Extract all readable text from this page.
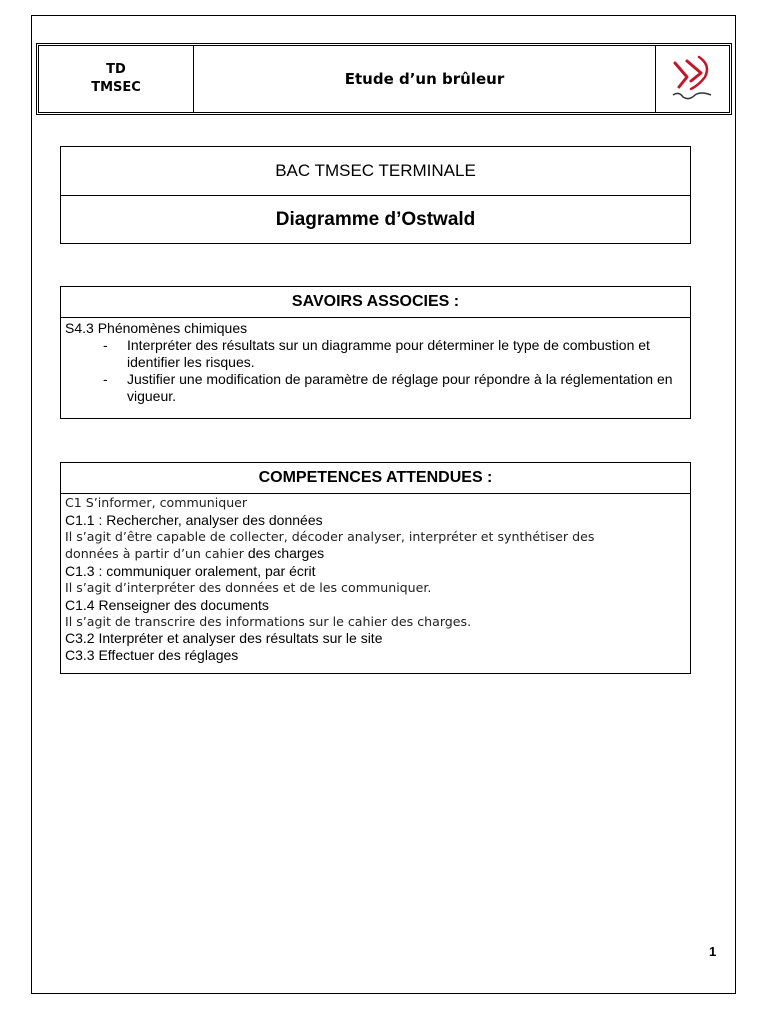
TD
TMSEC	Etude d’un brûleur
BAC TMSEC TERMINALE
Diagramme d’Ostwald
SAVOIRS ASSOCIES :
S4.3 Phénomènes chimiques
- Interpréter des résultats sur un diagramme pour déterminer le type de combustion et identifier les risques.
- Justifier une modification de paramètre de réglage pour répondre à la réglementation en vigueur.
COMPETENCES ATTENDUES :
C1 S’informer, communiquer
C1.1 : Rechercher, analyser des données
Il s’agit d’être capable de collecter, décoder analyser, interpréter et synthétiser des
données à partir d’un cahier des charges
C1.3 : communiquer oralement, par écrit
Il s’agit d’interpréter des données et de les communiquer.
C1.4 Renseigner des documents
Il s’agit de transcrire des informations sur le cahier des charges.
C3.2 Interpréter et analyser des résultats sur le site
C3.3 Effectuer des réglages
1
